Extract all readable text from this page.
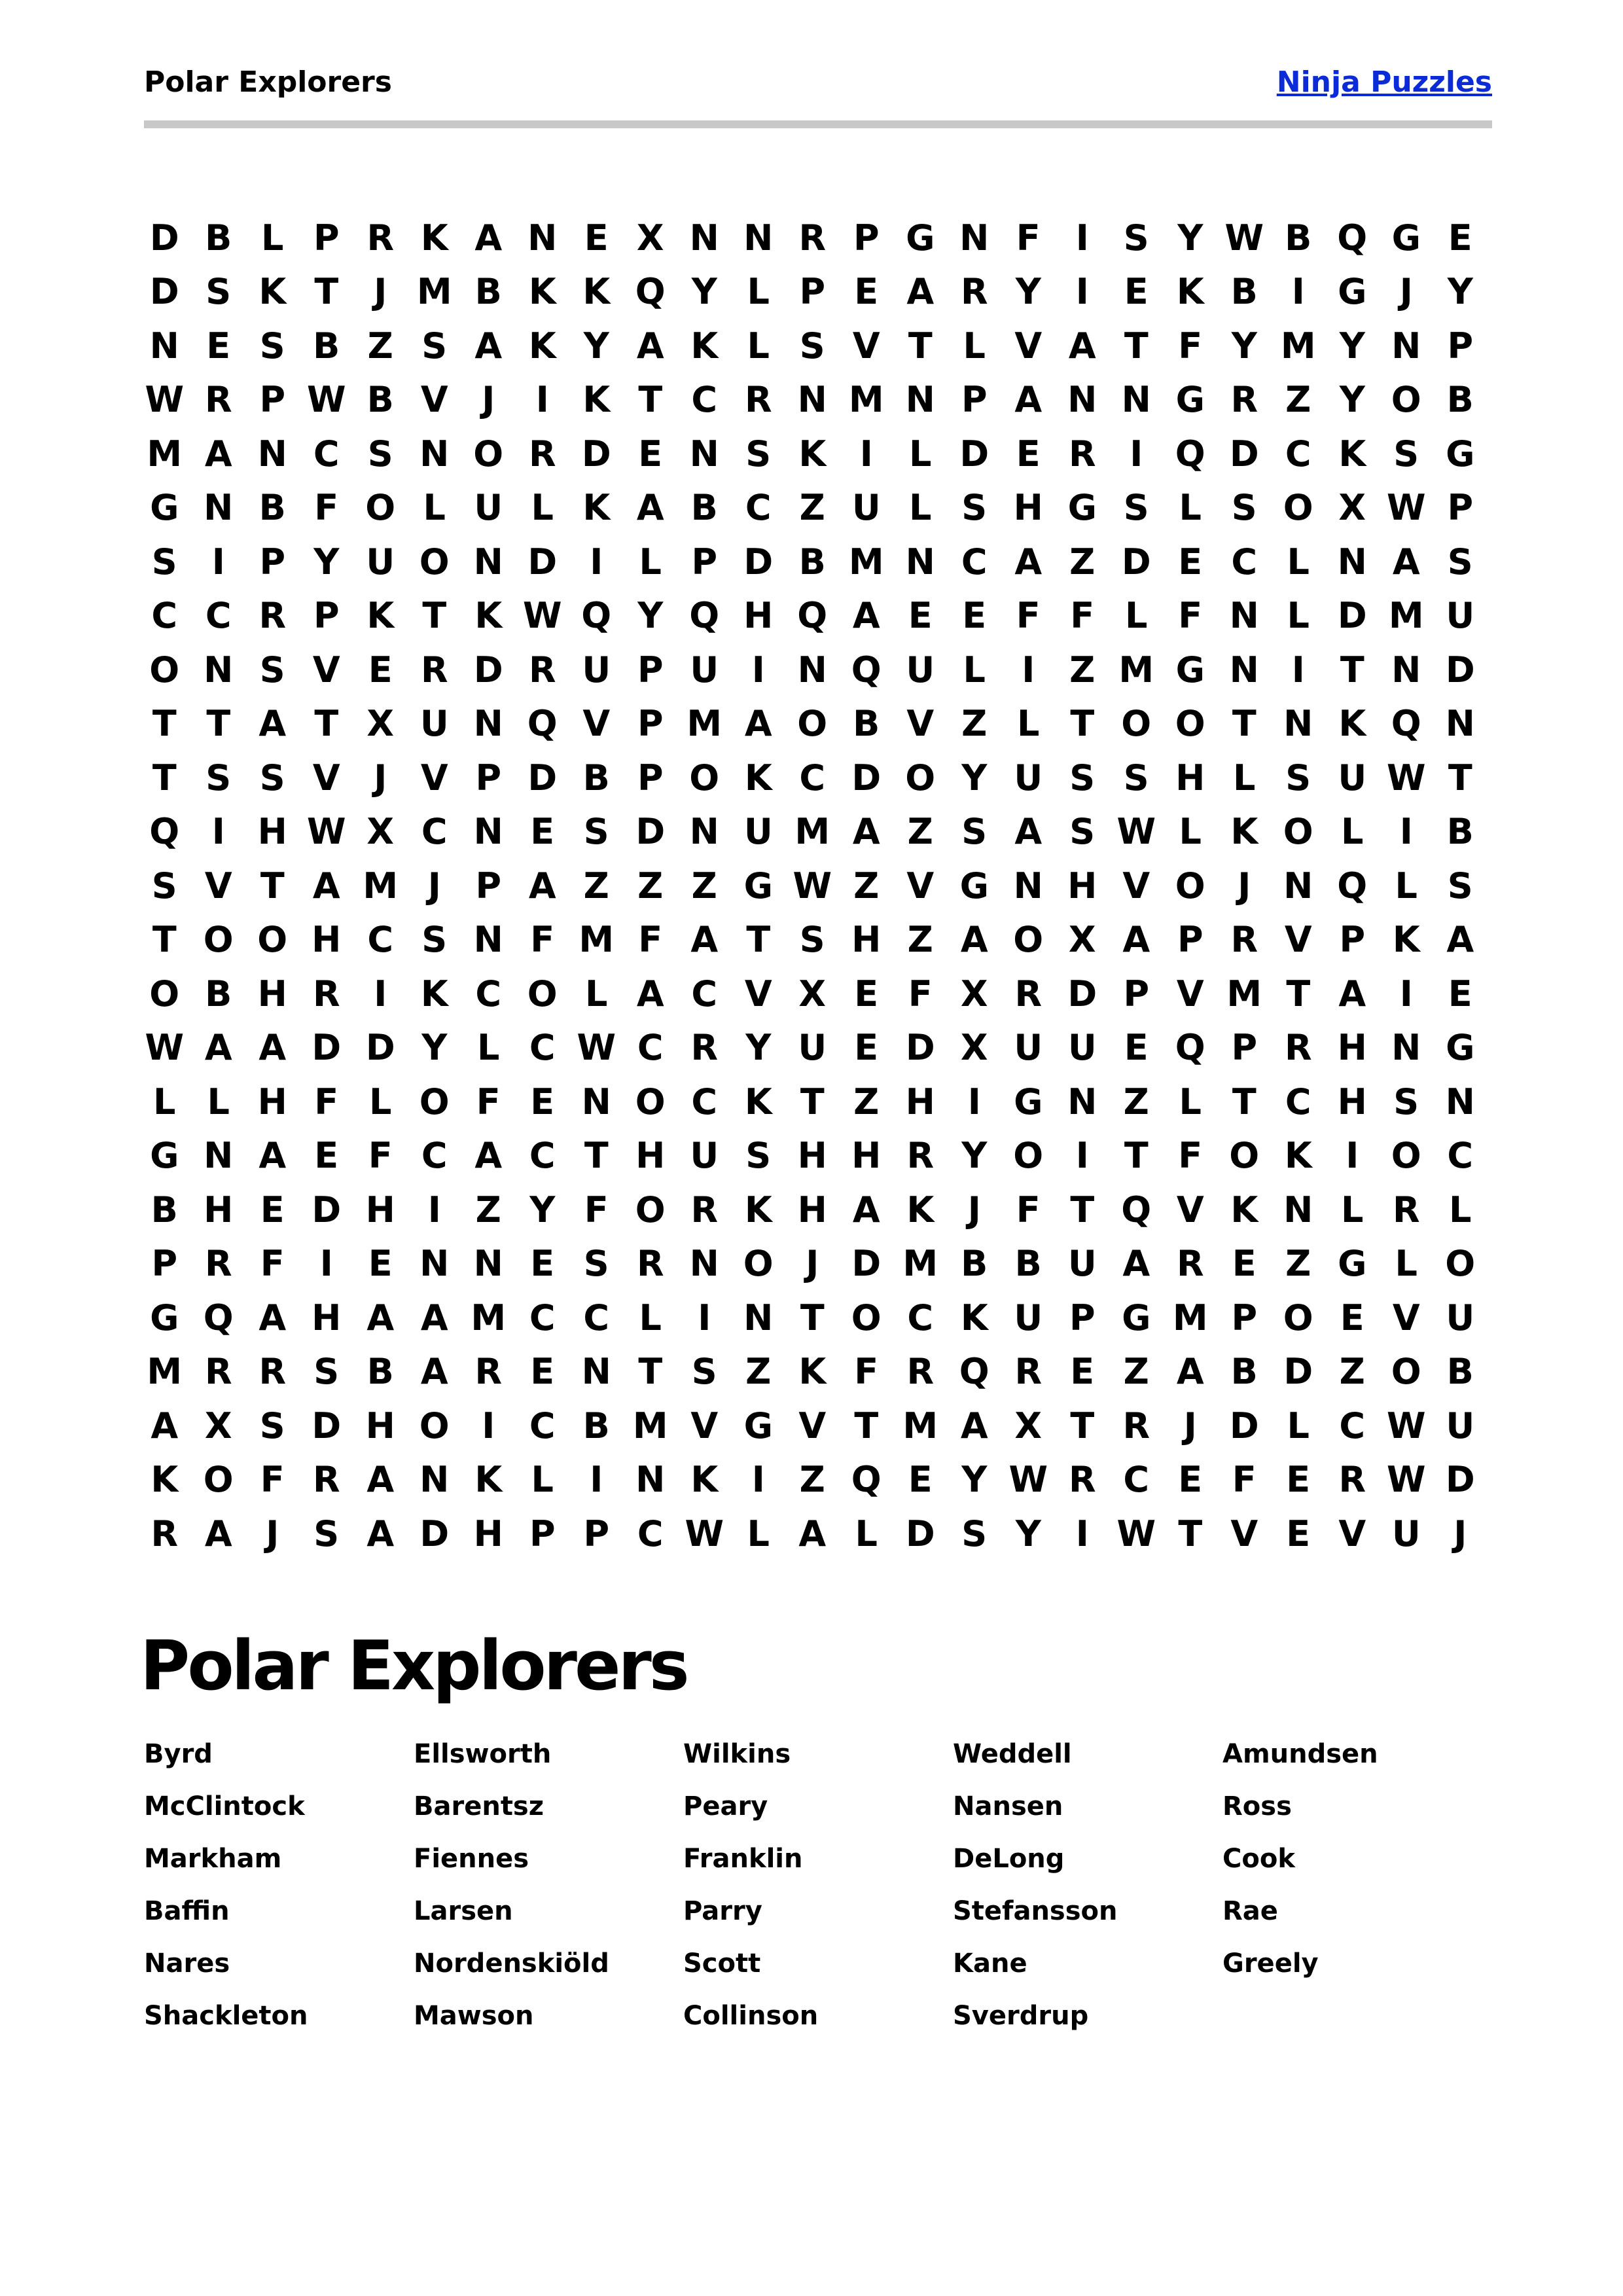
Polar Explorers	Ninja Puzzles
D B L P R K A N E X N N R P G N F	I S Y W B Q G E
D S K T	J M B K K Q Y L P E A R Y I	E K B I G J Y
N E S B Z S A K Y A K L S V T L V A T F Y M Y N P
W R P W B V J	I K T C R N M N P A N N G R Z Y O B
M A N C S N O R D E N S K I	L D E R I Q D C K S G
G N B F O L U L K A B C Z U L S H G S L S O X W P
S I P Y U O N D I	L P D B M N C A Z D E C L N A S
C C R P K T K W Q Y Q H Q A E E F F L F N L D M U
O N S V E R D R U P U I N Q U L	I Z M G N I	T N D
T T A T X U N Q V P M A O B V Z L T O O T N K Q N
T S S V J V P D B P O K C D O Y U S S H L S U W T
Q I H W X C N E S D N U M A Z S A S W L K O L	I B
S V T A M J P A Z Z Z G W Z V G N H V O J N Q L S
T O O H C S N F M F A T S H Z A O X A P R V P K A
O B H R I K C O L A C V X E F X R D P V M T A I	E
W A A D D Y L C W C R Y U E D X U U E Q P R H N G
L L H F L O F E N O C K T Z H I G N Z L T C H S N
G N A E F C A C T H U S H H R Y O I	T F O K I O C
B H E D H I Z Y F O R K H A K J	F T Q V K N L R L
P R F	I	E N N E S R N O J D M B B U A R E Z G L O
G Q A H A A M C C L	I N T O C K U P G M P O E V U
M R R S B A R E N T S Z K F R Q R E Z A B D Z O B
A X S D H O I C B M V G V T M A X T R J D L C W U
K O F R A N K L	I N K I Z Q E Y W R C E F E R W D
R A J S A D H P P C W L A L D S Y I W T V E V U J
Polar Explorers
Byrd	Ellsworth	Wilkins	Weddell	Amundsen
McClintock	Barentsz	Peary	Nansen	Ross
Markham	Fiennes	Franklin	DeLong	Cook
Baffin	Larsen	Parry	Stefansson	Rae
Nares	Nordenskiöld	Scott	Kane	Greely
Shackleton	Mawson	Collinson	Sverdrup
